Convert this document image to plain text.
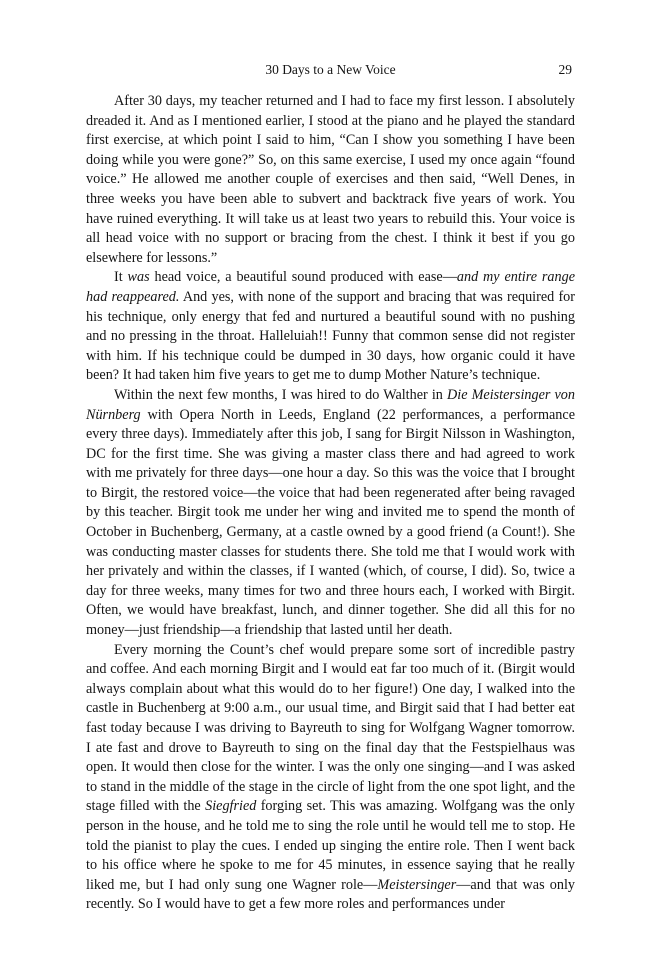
30 Days to a New Voice	29

After 30 days, my teacher returned and I had to face my first lesson. I absolutely dreaded it. And as I mentioned earlier, I stood at the piano and he played the standard first exercise, at which point I said to him, “Can I show you something I have been doing while you were gone?” So, on this same exercise, I used my once again “found voice.” He allowed me another couple of exercises and then said, “Well Denes, in three weeks you have been able to subvert and backtrack five years of work. You have ruined everything. It will take us at least two years to rebuild this. Your voice is all head voice with no support or bracing from the chest. I think it best if you go elsewhere for lessons.”

It was head voice, a beautiful sound produced with ease—and my entire range had reappeared. And yes, with none of the support and bracing that was required for his technique, only energy that fed and nurtured a beautiful sound with no pushing and no pressing in the throat. Halleluiah!! Funny that common sense did not register with him. If his technique could be dumped in 30 days, how organic could it have been? It had taken him five years to get me to dump Mother Nature’s technique.

Within the next few months, I was hired to do Walther in Die Meistersinger von Nürnberg with Opera North in Leeds, England (22 performances, a performance every three days). Immediately after this job, I sang for Birgit Nilsson in Washington, DC for the first time. She was giving a master class there and had agreed to work with me privately for three days—one hour a day. So this was the voice that I brought to Birgit, the restored voice—the voice that had been regenerated after being ravaged by this teacher. Birgit took me under her wing and invited me to spend the month of October in Buchenberg, Germany, at a castle owned by a good friend (a Count!). She was conducting master classes for students there. She told me that I would work with her privately and within the classes, if I wanted (which, of course, I did). So, twice a day for three weeks, many times for two and three hours each, I worked with Birgit. Often, we would have breakfast, lunch, and dinner together. She did all this for no money—just friendship—a friendship that lasted until her death.

Every morning the Count’s chef would prepare some sort of incredible pastry and coffee. And each morning Birgit and I would eat far too much of it. (Birgit would always complain about what this would do to her figure!) One day, I walked into the castle in Buchenberg at 9:00 a.m., our usual time, and Birgit said that I had better eat fast today because I was driving to Bayreuth to sing for Wolfgang Wagner tomorrow. I ate fast and drove to Bayreuth to sing on the final day that the Festspielhaus was open. It would then close for the winter. I was the only one singing—and I was asked to stand in the middle of the stage in the circle of light from the one spot light, and the stage filled with the Siegfried forging set. This was amazing. Wolfgang was the only person in the house, and he told me to sing the role until he would tell me to stop. He told the pianist to play the cues. I ended up singing the entire role. Then I went back to his office where he spoke to me for 45 minutes, in essence saying that he really liked me, but I had only sung one Wagner role—Meistersinger—and that was only recently. So I would have to get a few more roles and performances under
